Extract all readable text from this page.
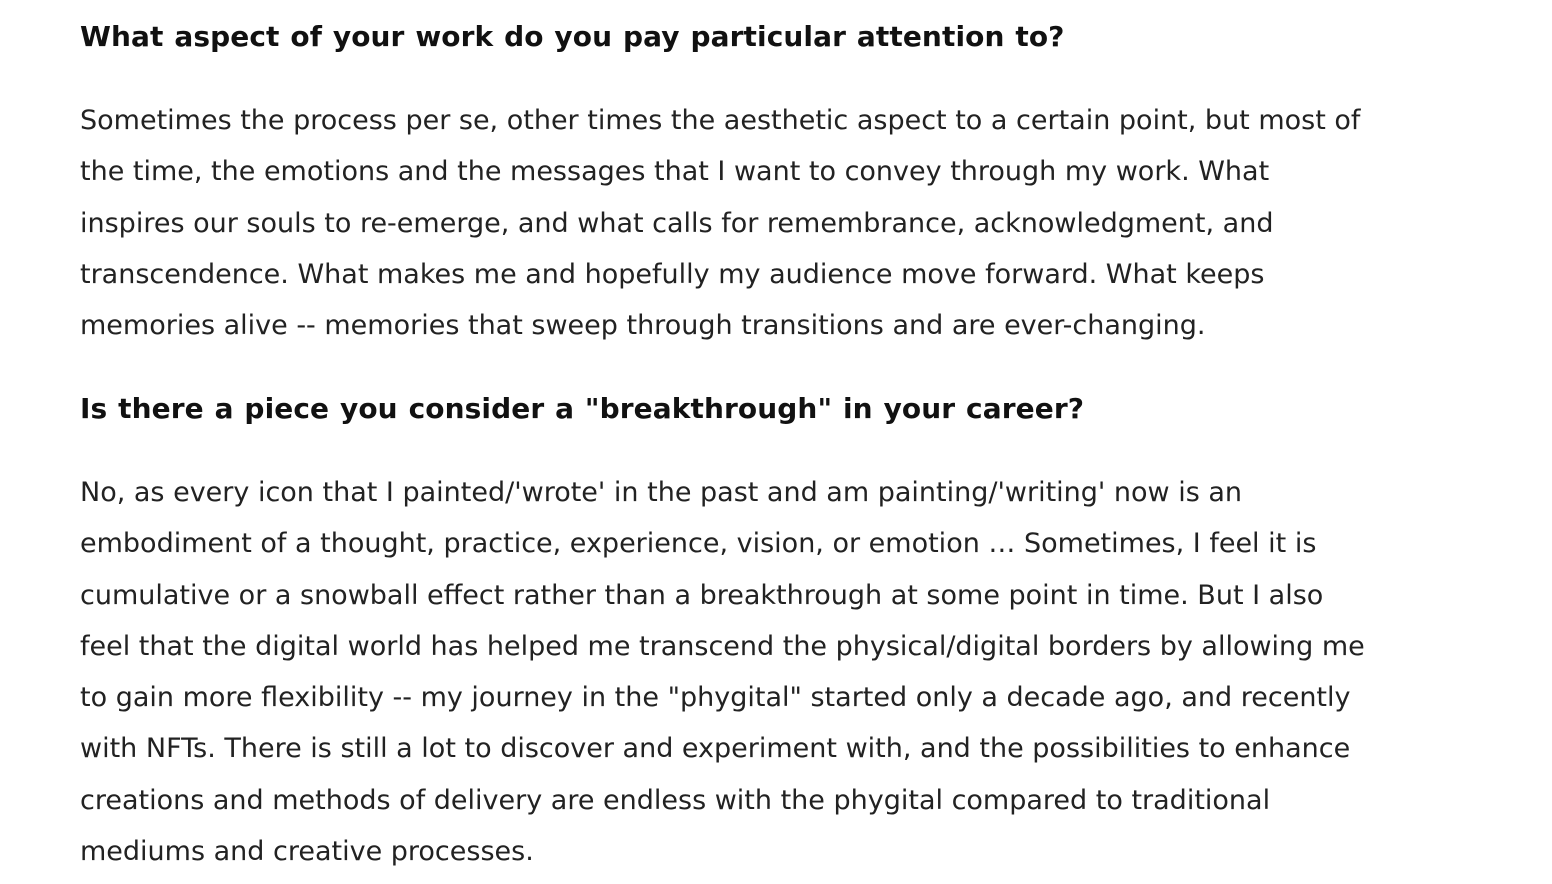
What aspect of your work do you pay particular attention to?

Sometimes the process per se, other times the aesthetic aspect to a certain point, but most of
the time, the emotions and the messages that I want to convey through my work. What
inspires our souls to re-emerge, and what calls for remembrance, acknowledgment, and
transcendence. What makes me and hopefully my audience move forward. What keeps
memories alive -- memories that sweep through transitions and are ever-changing.

Is there a piece you consider a "breakthrough" in your career?

No, as every icon that I painted/'wrote' in the past and am painting/'writing' now is an
embodiment of a thought, practice, experience, vision, or emotion … Sometimes, I feel it is
cumulative or a snowball effect rather than a breakthrough at some point in time. But I also
feel that the digital world has helped me transcend the physical/digital borders by allowing me
to gain more flexibility -- my journey in the "phygital" started only a decade ago, and recently
with NFTs. There is still a lot to discover and experiment with, and the possibilities to enhance
creations and methods of delivery are endless with the phygital compared to traditional
mediums and creative processes.
